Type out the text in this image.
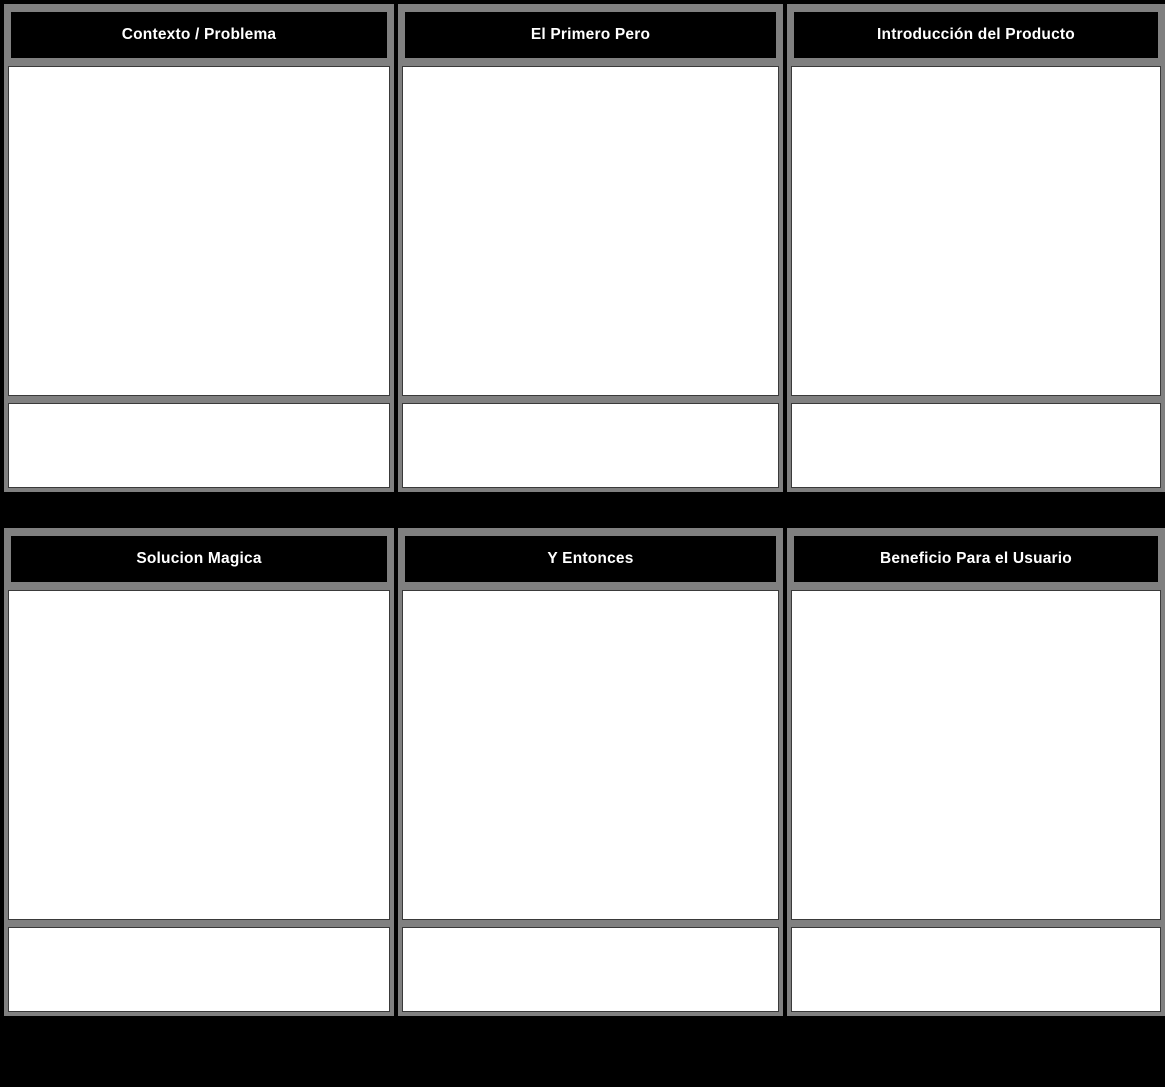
Contexto / Problema	El Primero Pero	Introducción del Producto
Solucion Magica	Y Entonces	Beneficio Para el Usuario
